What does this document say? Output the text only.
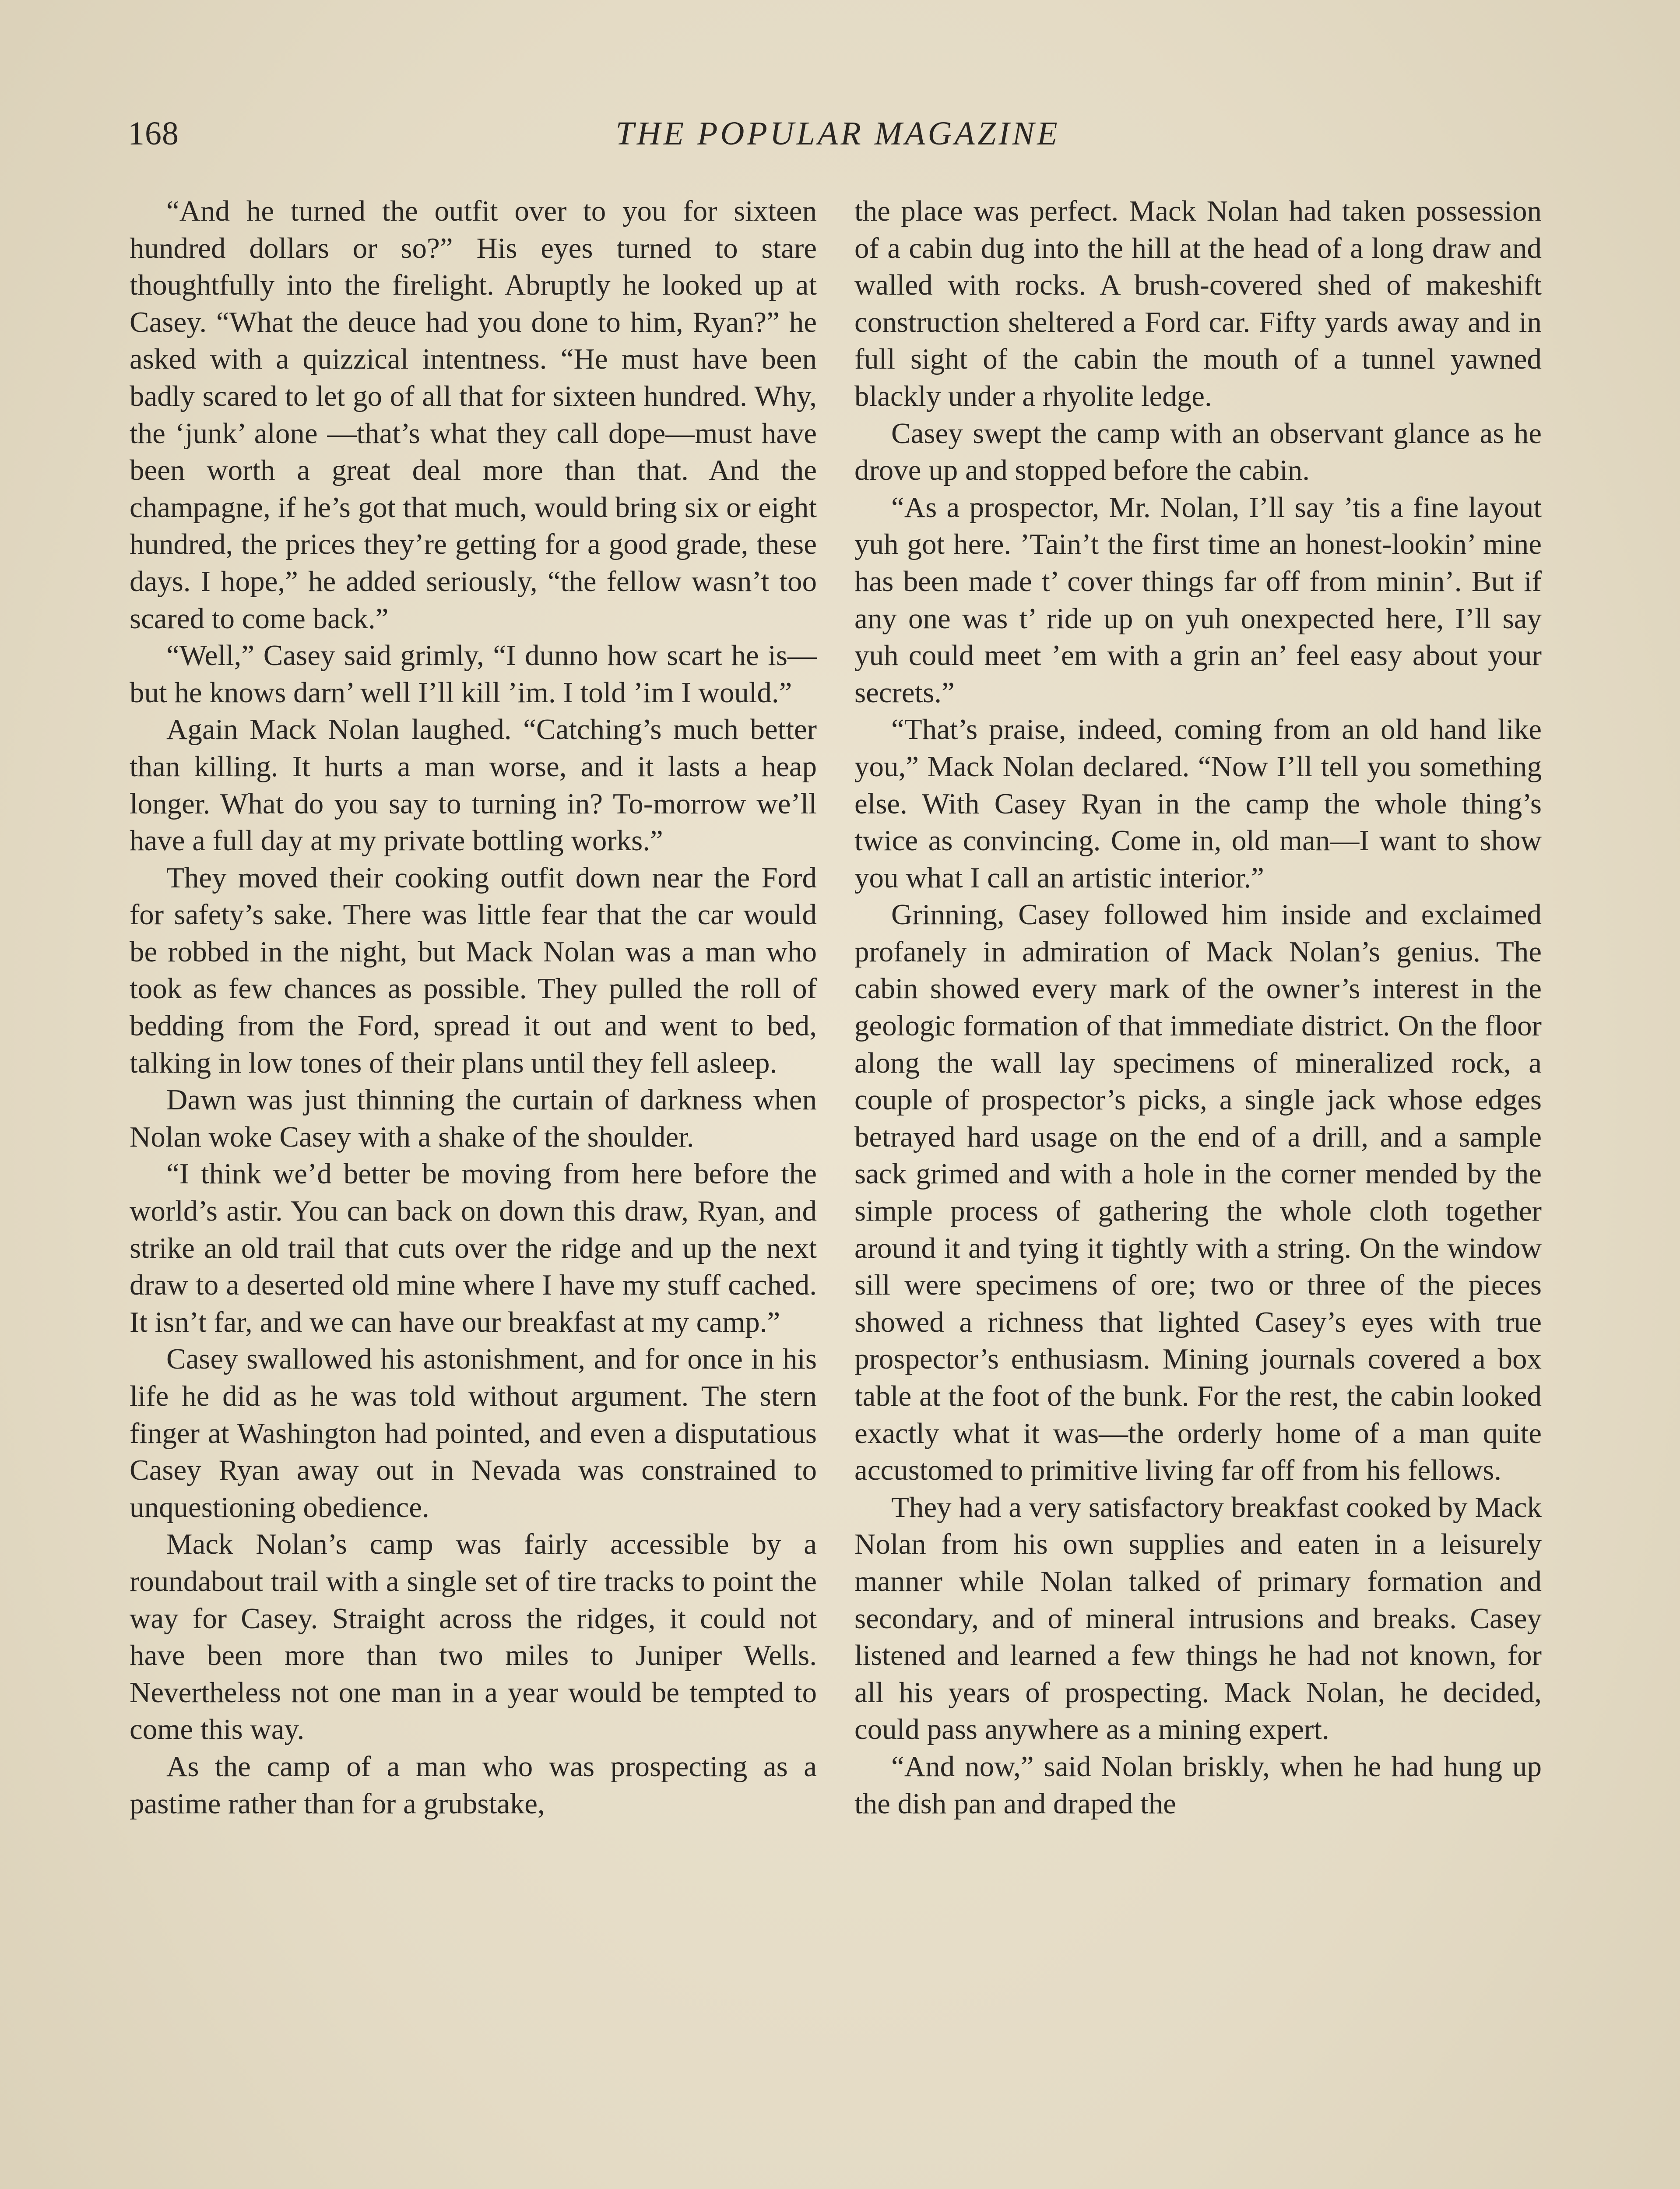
168	THE POPULAR MAGAZINE

“And he turned the outfit over to you for sixteen hundred dollars or so?” His eyes turned to stare thoughtfully into the firelight. Abruptly he looked up at Casey. “What the deuce had you done to him, Ryan?” he asked with a quizzical intentness. “He must have been badly scared to let go of all that for sixteen hundred. Why, the ‘junk’ alone —that’s what they call dope—must have been worth a great deal more than that. And the champagne, if he’s got that much, would bring six or eight hundred, the prices they’re getting for a good grade, these days. I hope,” he added seriously, “the fellow wasn’t too scared to come back.”

“Well,” Casey said grimly, “I dunno how scart he is—but he knows darn’ well I’ll kill ’im. I told ’im I would.”

Again Mack Nolan laughed. “Catching’s much better than killing. It hurts a man worse, and it lasts a heap longer. What do you say to turning in? To-morrow we’ll have a full day at my private bottling works.”

They moved their cooking outfit down near the Ford for safety’s sake. There was little fear that the car would be robbed in the night, but Mack Nolan was a man who took as few chances as possible. They pulled the roll of bedding from the Ford, spread it out and went to bed, talking in low tones of their plans until they fell asleep.

Dawn was just thinning the curtain of darkness when Nolan woke Casey with a shake of the shoulder.

“I think we’d better be moving from here before the world’s astir. You can back on down this draw, Ryan, and strike an old trail that cuts over the ridge and up the next draw to a deserted old mine where I have my stuff cached. It isn’t far, and we can have our breakfast at my camp.”

Casey swallowed his astonishment, and for once in his life he did as he was told without argument. The stern finger at Washington had pointed, and even a disputatious Casey Ryan away out in Nevada was constrained to unquestioning obedience.

Mack Nolan’s camp was fairly accessible by a roundabout trail with a single set of tire tracks to point the way for Casey. Straight across the ridges, it could not have been more than two miles to Juniper Wells. Nevertheless not one man in a year would be tempted to come this way.

As the camp of a man who was prospecting as a pastime rather than for a grubstake,

the place was perfect. Mack Nolan had taken possession of a cabin dug into the hill at the head of a long draw and walled with rocks. A brush-covered shed of makeshift construction sheltered a Ford car. Fifty yards away and in full sight of the cabin the mouth of a tunnel yawned blackly under a rhyolite ledge.

Casey swept the camp with an observant glance as he drove up and stopped before the cabin.

“As a prospector, Mr. Nolan, I’ll say ’tis a fine layout yuh got here. ’Tain’t the first time an honest-lookin’ mine has been made t’ cover things far off from minin’. But if any one was t’ ride up on yuh onexpected here, I’ll say yuh could meet ’em with a grin an’ feel easy about your secrets.”

“That’s praise, indeed, coming from an old hand like you,” Mack Nolan declared. “Now I’ll tell you something else. With Casey Ryan in the camp the whole thing’s twice as convincing. Come in, old man—I want to show you what I call an artistic interior.”

Grinning, Casey followed him inside and exclaimed profanely in admiration of Mack Nolan’s genius. The cabin showed every mark of the owner’s interest in the geologic formation of that immediate district. On the floor along the wall lay specimens of mineralized rock, a couple of prospector’s picks, a single jack whose edges betrayed hard usage on the end of a drill, and a sample sack grimed and with a hole in the corner mended by the simple process of gathering the whole cloth together around it and tying it tightly with a string. On the window sill were specimens of ore; two or three of the pieces showed a richness that lighted Casey’s eyes with true prospector’s enthusiasm. Mining journals covered a box table at the foot of the bunk. For the rest, the cabin looked exactly what it was—the orderly home of a man quite accustomed to primitive living far off from his fellows.

They had a very satisfactory breakfast cooked by Mack Nolan from his own supplies and eaten in a leisurely manner while Nolan talked of primary formation and secondary, and of mineral intrusions and breaks. Casey listened and learned a few things he had not known, for all his years of prospecting. Mack Nolan, he decided, could pass anywhere as a mining expert.

“And now,” said Nolan briskly, when he had hung up the dish pan and draped the
